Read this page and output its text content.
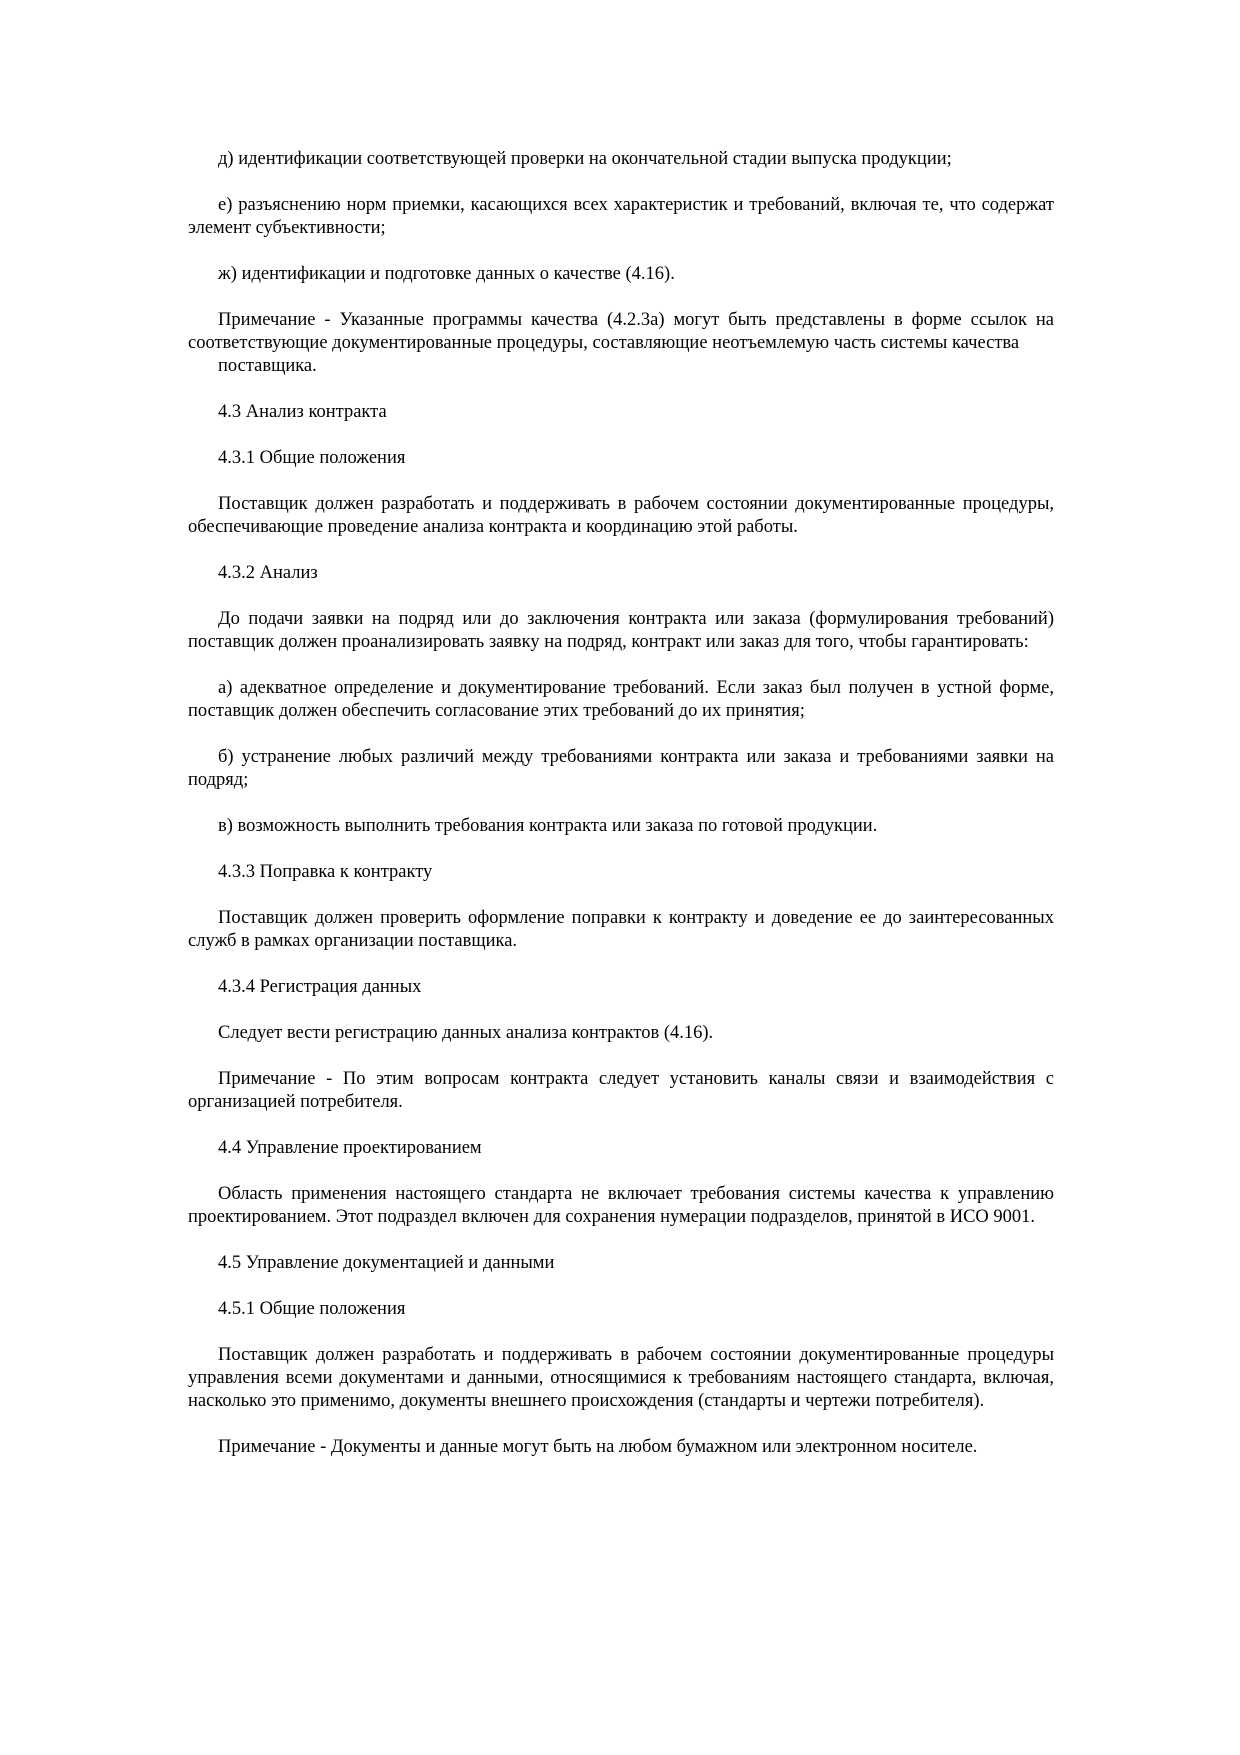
д) идентификации соответствующей проверки на окончательной стадии выпуска продукции;

е) разъяснению норм приемки, касающихся всех характеристик и требований, включая те, что содержат элемент субъективности;

ж) идентификации и подготовке данных о качестве (4.16).

Примечание - Указанные программы качества (4.2.3а) могут быть представлены в форме ссылок на соответствующие документированные процедуры, составляющие неотъемлемую часть системы качества

поставщика.

4.3 Анализ контракта

4.3.1 Общие положения

Поставщик должен разработать и поддерживать в рабочем состоянии документированные процедуры, обеспечивающие проведение анализа контракта и координацию этой работы.

4.3.2 Анализ

До подачи заявки на подряд или до заключения контракта или заказа (формулирования требований) поставщик должен проанализировать заявку на подряд, контракт или заказ для того, чтобы гарантировать:

а) адекватное определение и документирование требований. Если заказ был получен в устной форме, поставщик должен обеспечить согласование этих требований до их принятия;

б) устранение любых различий между требованиями контракта или заказа и требованиями заявки на подряд;

в) возможность выполнить требования контракта или заказа по готовой продукции.

4.3.3 Поправка к контракту

Поставщик должен проверить оформление поправки к контракту и доведение ее до заинтересованных служб в рамках организации поставщика.

4.3.4 Регистрация данных

Следует вести регистрацию данных анализа контрактов (4.16).

Примечание - По этим вопросам контракта следует установить каналы связи и взаимодействия с организацией потребителя.

4.4 Управление проектированием

Область применения настоящего стандарта не включает требования системы качества к управлению проектированием. Этот подраздел включен для сохранения нумерации подразделов, принятой в ИСО 9001.

4.5 Управление документацией и данными

4.5.1 Общие положения

Поставщик должен разработать и поддерживать в рабочем состоянии документированные процедуры управления всеми документами и данными, относящимися к требованиям настоящего стандарта, включая, насколько это применимо, документы внешнего происхождения (стандарты и чертежи потребителя).

Примечание - Документы и данные могут быть на любом бумажном или электронном носителе.
